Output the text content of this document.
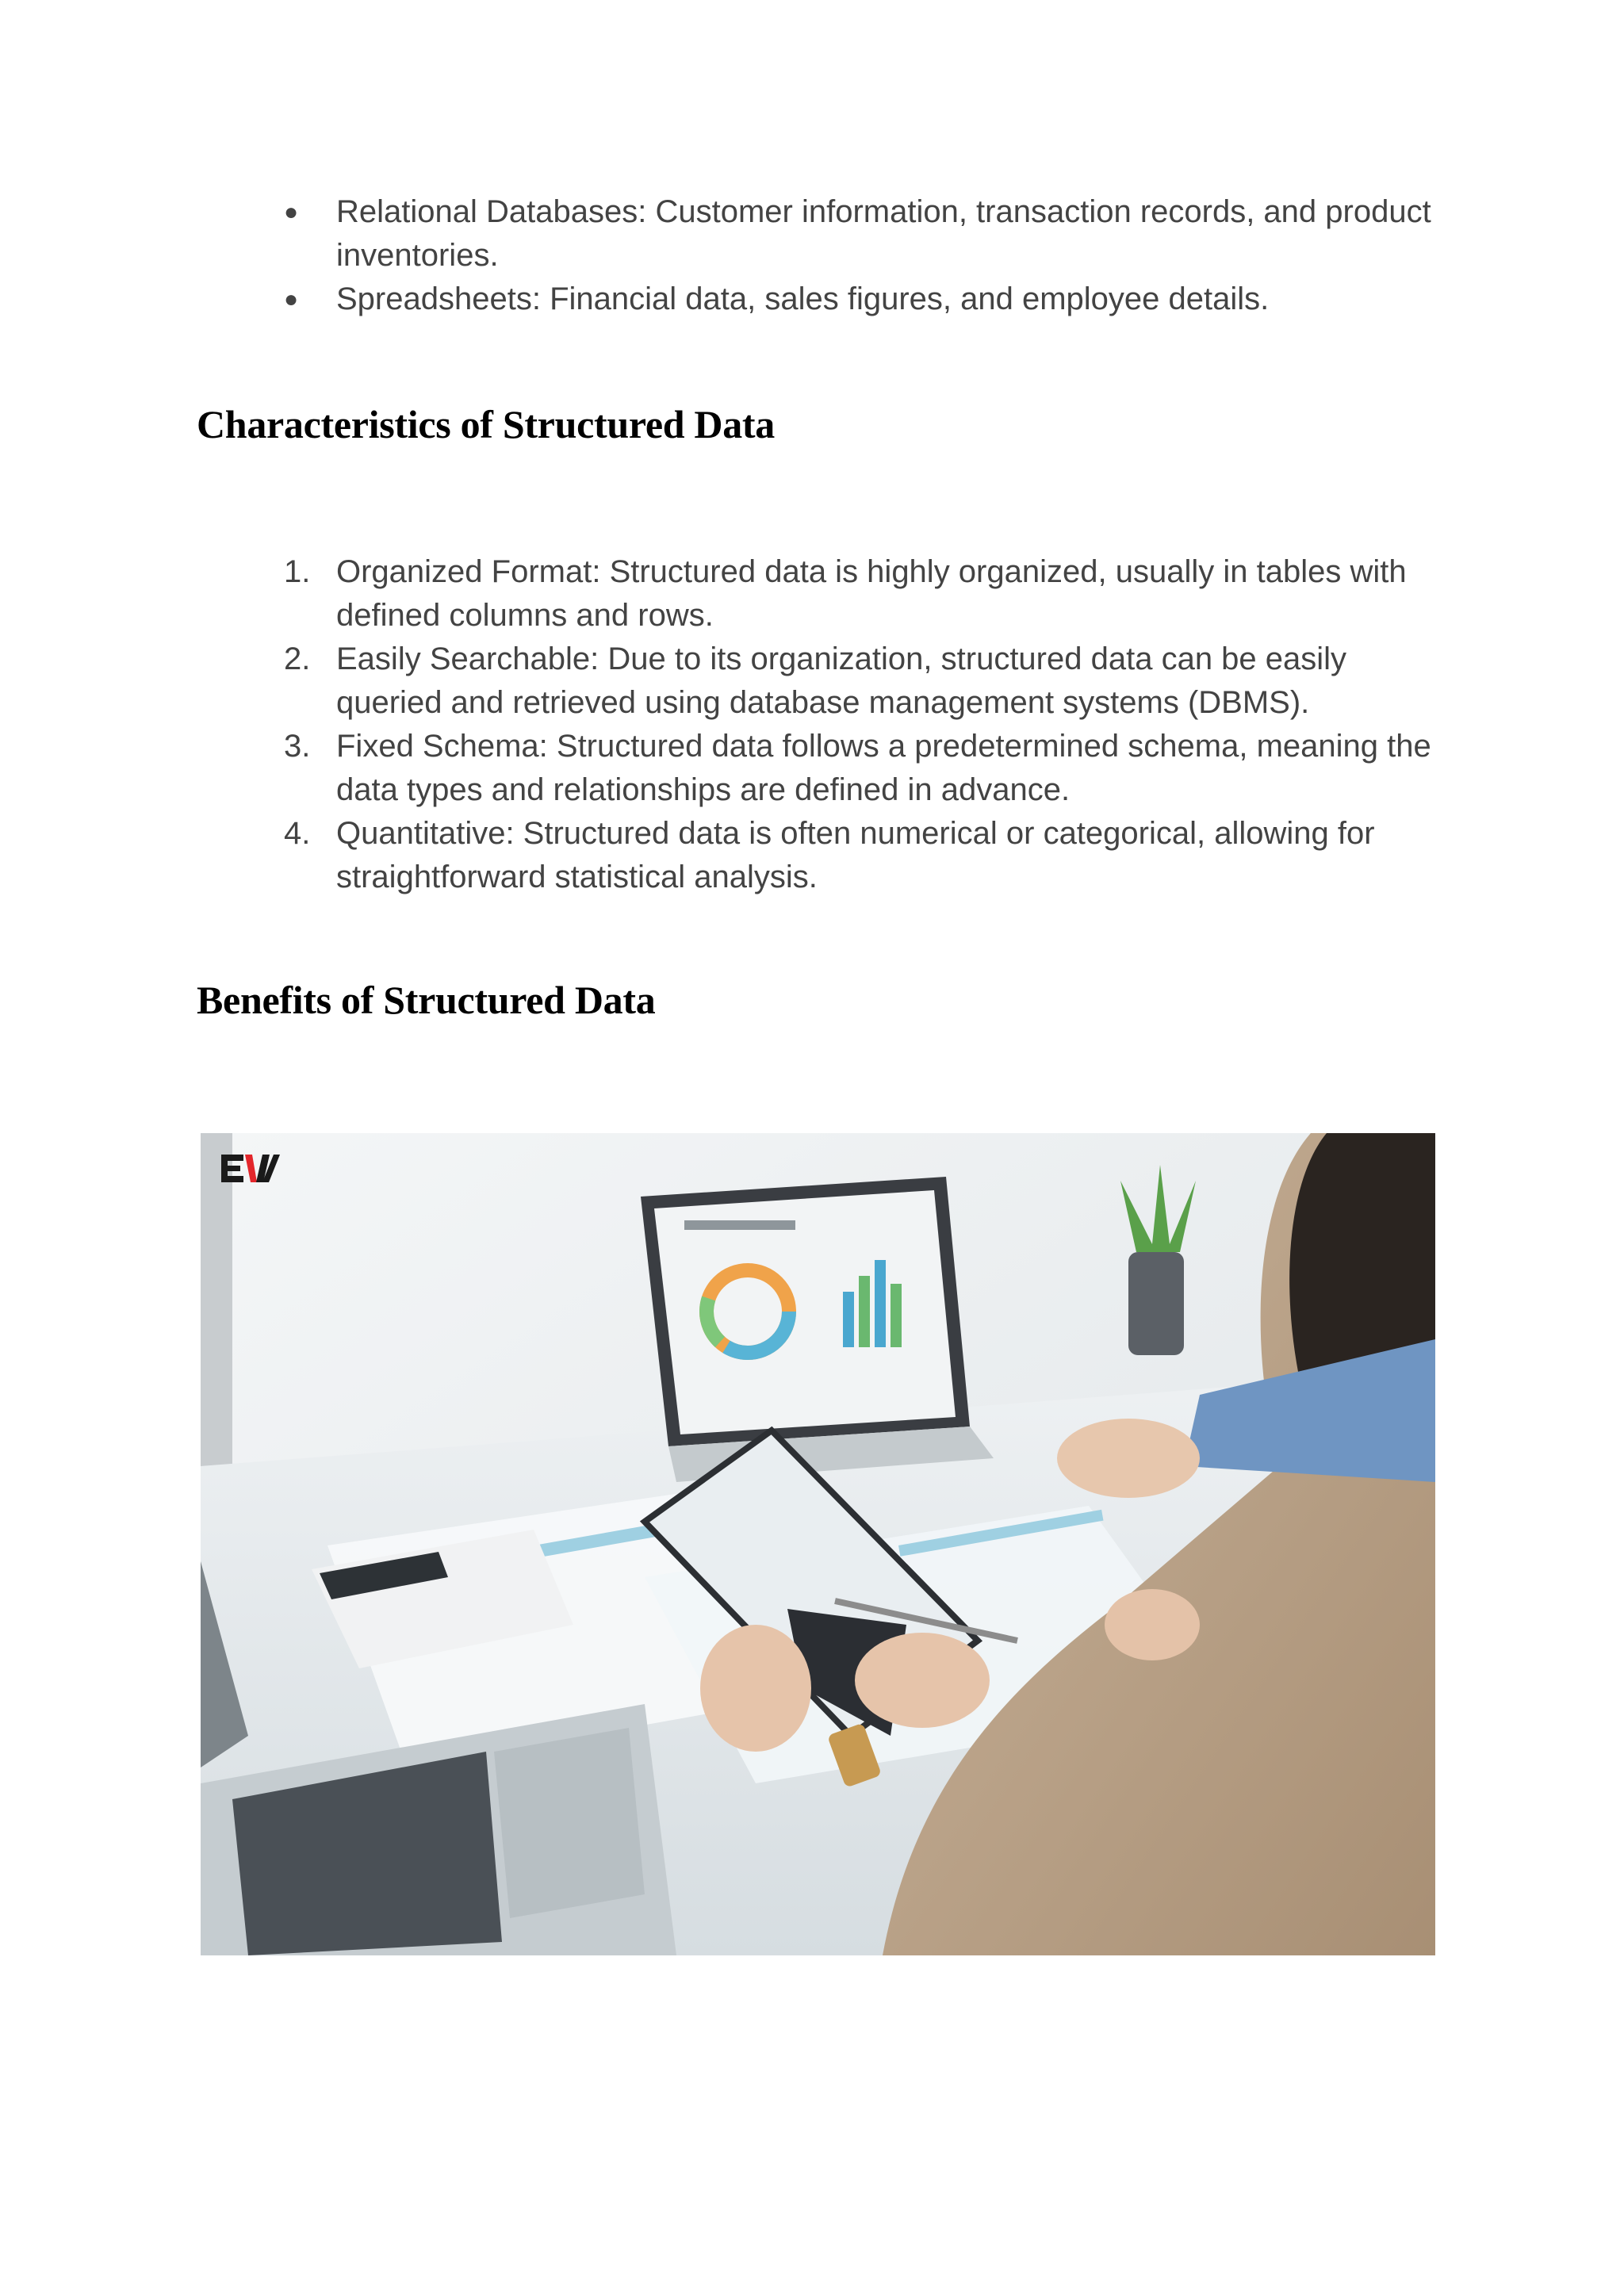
● Relational Databases: Customer information, transaction records, and product inventories.
● Spreadsheets: Financial data, sales figures, and employee details.
Characteristics of Structured Data
1. Organized Format: Structured data is highly organized, usually in tables with defined columns and rows.
2. Easily Searchable: Due to its organization, structured data can be easily queried and retrieved using database management systems (DBMS).
3. Fixed Schema: Structured data follows a predetermined schema, meaning the data types and relationships are defined in advance.
4. Quantitative: Structured data is often numerical or categorical, allowing for straightforward statistical analysis.
Benefits of Structured Data
